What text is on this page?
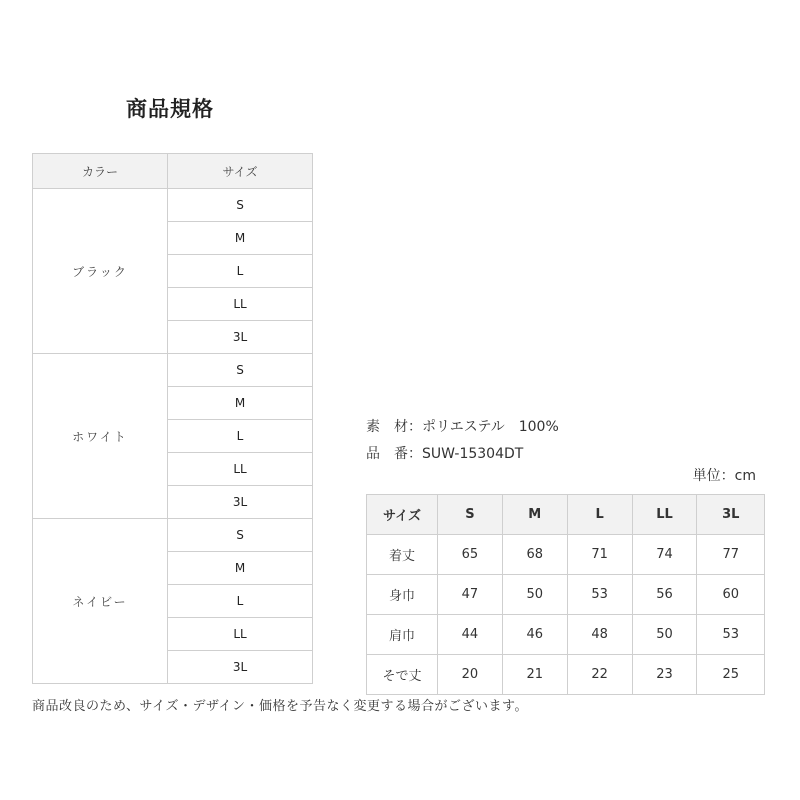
商品規格
カラー	サイズ
ブラック	S
	M
	L
	LL
	3L
ホワイト	S
	M
	L
	LL
	3L
ネイビー	S
	M
	L
	LL
	3L
素　材：ポリエステル　100%
品　番：SUW-15304DT
単位：cm
サイズ	S	M	L	LL	3L
着丈	65	68	71	74	77
身巾	47	50	53	56	60
肩巾	44	46	48	50	53
そで丈	20	21	22	23	25
商品改良のため、サイズ・デザイン・価格を予告なく変更する場合がございます。
